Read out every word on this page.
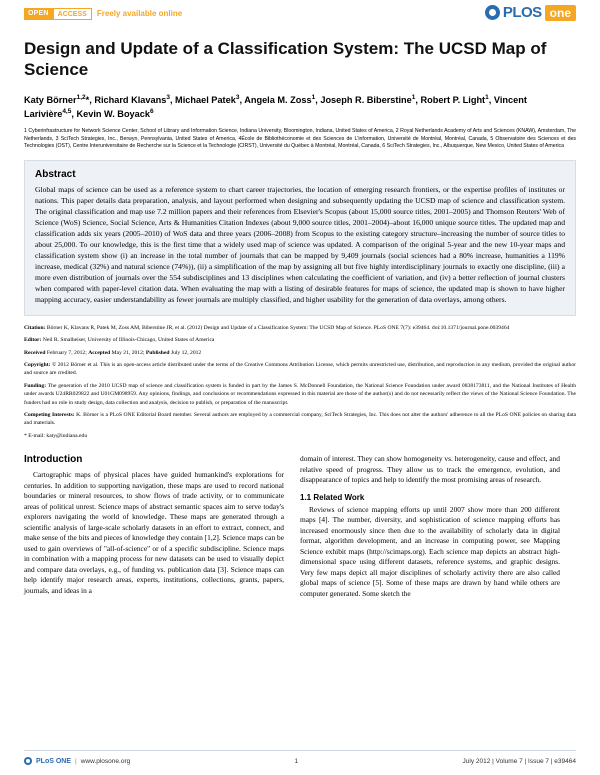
OPEN	ACCESS	Freely available online	PLOS one
Design and Update of a Classification System: The UCSD Map of Science
Katy Börner$^{1,2}$*, Richard Klavans$^3$, Michael Patek$^3$, Angela M. Zoss$^1$, Joseph R. Biberstine$^1$, Robert P. Light$^1$, Vincent Larivière$^{4,5}$, Kevin W. Boyack$^6$
1 Cyberinfrastructure for Network Science Center, School of Library and Information Science, Indiana University, Bloomington, Indiana, United States of America, 2 Royal Netherlands Academy of Arts and Sciences (KNAW), Amsterdam, The Netherlands, 3 SciTech Strategies, Inc., Berwyn, Pennsylvania, United States of America, 4École de Bibliothéconomie et des Sciences de L'information, Université de Montréal, Montréal, Canada, 5 Observatoire des Sciences et des Technologies (OST), Centre Interuniversitaire de Recherche sur la Science et la Technologie (CIRST), Université du Québec à Montréal, Montréal, Canada, 6 SciTech Strategies, Inc., Albuquerque, New Mexico, United States of America
Abstract
Global maps of science can be used as a reference system to chart career trajectories, the location of emerging research frontiers, or the expertise profiles of institutes or nations. This paper details data preparation, analysis, and layout performed when designing and subsequently updating the UCSD map of science and classification system. The original classification and map use 7.2 million papers and their references from Elsevier's Scopus (about 15,000 source titles, 2001–2005) and Thomson Reuters' Web of Science (WoS) Science, Social Science, Arts & Humanities Citation Indexes (about 9,000 source titles, 2001–2004)–about 16,000 unique source titles. The updated map and classification adds six years (2005–2010) of WoS data and three years (2006–2008) from Scopus to the existing category structure–increasing the number of source titles to about 25,000. To our knowledge, this is the first time that a widely used map of science was updated. A comparison of the original 5-year and the new 10-year maps and classification system show (i) an increase in the total number of journals that can be mapped by 9,409 journals (social sciences had a 80% increase, humanities a 119% increase, medical (32%) and natural science (74%)), (ii) a simplification of the map by assigning all but five highly interdisciplinary journals to exactly one discipline, (iii) a more even distribution of journals over the 554 subdisciplines and 13 disciplines when calculating the coefficient of variation, and (iv) a better reflection of journal clusters when compared with paper-level citation data. When evaluating the map with a listing of desirable features for maps of science, the updated map is shown to have higher mapping accuracy, easier understandability as fewer journals are multiply classified, and higher usability for the generation of data overlays, among others.

Citation: Börner K, Klavans R, Patek M, Zoss AM, Biberstine JR, et al. (2012) Design and Update of a Classification System: The UCSD Map of Science. PLoS ONE 7(7): e39464. doi:10.1371/journal.pone.0039464

Editor: Neil R. Smalheiser, University of Illinois-Chicago, United States of America

Received February 7, 2012; Accepted May 21, 2012; Published July 12, 2012

Copyright: © 2012 Börner et al. This is an open-access article distributed under the terms of the Creative Commons Attribution License, which permits unrestricted use, distribution, and reproduction in any medium, provided the original author and source are credited.

Funding: The generation of the 2010 UCSD map of science and classification system is funded in part by the James S. McDonnell Foundation, the National Science Foundation under award 0838173811, and the National Institutes of Health under awards U24RR029822 and U01GM098959. Any opinions, findings, and conclusions or recommendations expressed in this material are those of the author(s) and do not necessarily reflect the views of the National Science Foundation. The funders had no role in study design, data collection and analysis, decision to publish, or preparation of the manuscript.

Competing Interests: K. Börner is a PLoS ONE Editorial Board member. Several authors are employed by a commercial company, SciTech Strategies, Inc. This does not alter the authors' adherence to all the PLoS ONE policies on sharing data and materials.

* E-mail: katy@indiana.edu

Introduction

Cartographic maps of physical places have guided humankind's explorations for centuries. In addition to supporting navigation, these maps are used to record national boundaries or mineral resources, to show flows of trade activity, or to communicate areas of political unrest. Science maps of abstract semantic spaces aim to serve today's explorers navigating the world of knowledge. These maps are generated through a scientific analysis of large-scale scholarly datasets in an effort to extract, connect, and make sense of the bits and pieces of knowledge they contain [1,2]. Science maps can be used to gain overviews of "all-of-science" or of a specific subdiscipline. Science maps in combination with a mapping process for new datasets can be used to visually depict and compare data overlays, e.g., of funding vs. publication data [3]. Science maps can help identify major research areas, experts, institutions, collections, grants, papers, journals, and ideas in a

domain of interest. They can show homogeneity vs. heterogeneity, cause and effect, and relative speed of progress. They allow us to track the emergence, evolution, and disappearance of topics and help to identify the most promising areas of research.

1.1 Related Work

Reviews of science mapping efforts up until 2007 show more than 200 different maps [4]. The number, diversity, and sophistication of science mapping efforts has increased enormously since then due to the availability of scholarly data in digital format, algorithm development, and an increase in computing power, see Mapping Science exhibit maps (http://scimaps.org). Each science map depicts an abstract high-dimensional space using different datasets, reference systems, and graphic designs. Very few maps depict all major disciplines of scholarly activity there are also called global maps of science [5]. Some of these maps are drawn by hand while others are computer generated. Some sketch the

PLoS ONE | www.plosone.org	1	July 2012 | Volume 7 | Issue 7 | e39464
